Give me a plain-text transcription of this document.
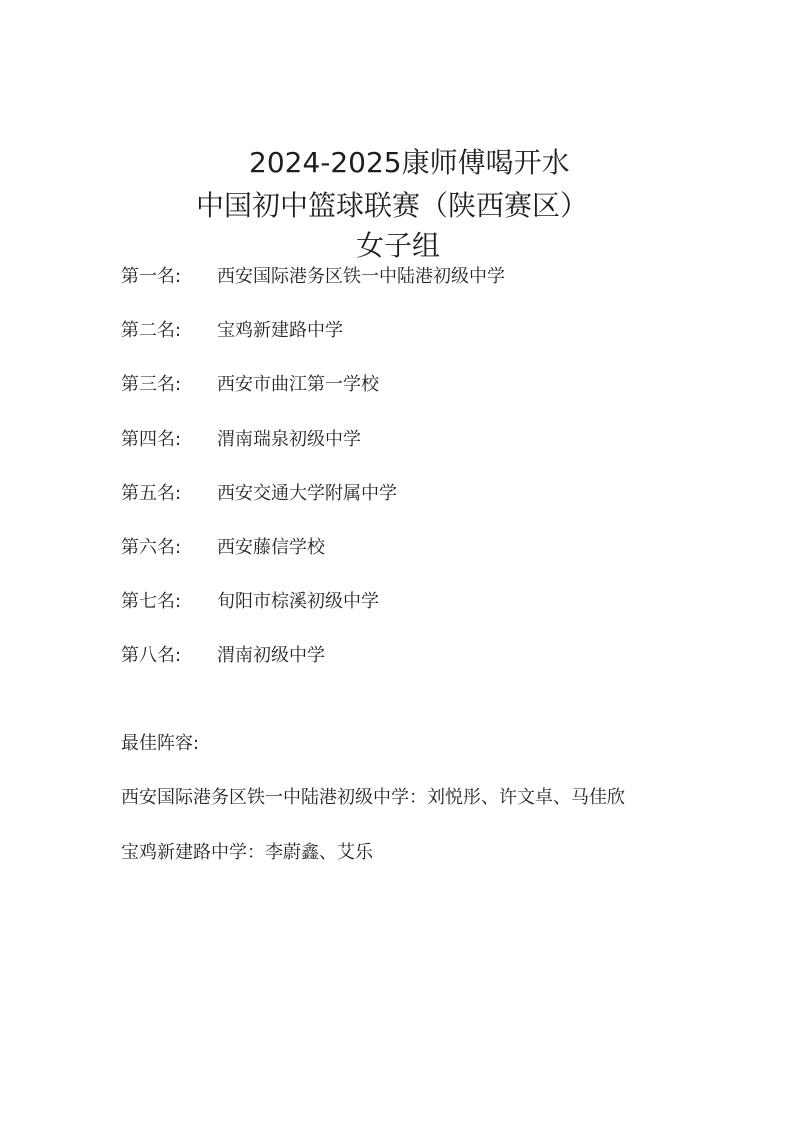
2024-2025康师傅喝开水
中国初中篮球联赛（陕西赛区）
女子组
第一名: 西安国际港务区铁一中陆港初级中学
第二名: 宝鸡新建路中学
第三名: 西安市曲江第一学校
第四名: 渭南瑞泉初级中学
第五名: 西安交通大学附属中学
第六名: 西安藤信学校
第七名: 旬阳市棕溪初级中学
第八名: 渭南初级中学
最佳阵容:
西安国际港务区铁一中陆港初级中学：刘悦彤、许文卓、马佳欣
宝鸡新建路中学：李蔚鑫、艾乐
